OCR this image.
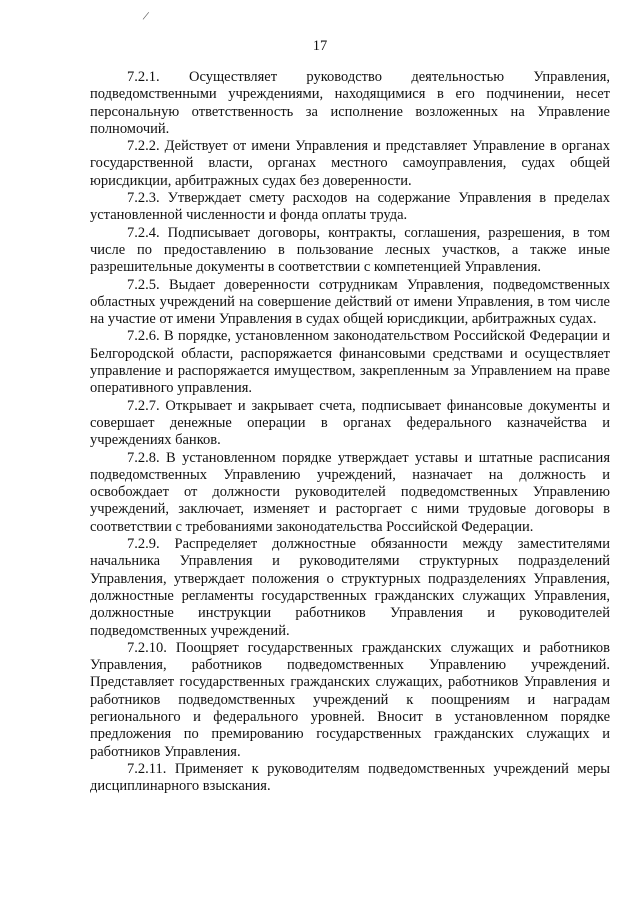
/
17

7.2.1. Осуществляет руководство деятельностью Управления, подведомственными учреждениями, находящимися в его подчинении, несет персональную ответственность за исполнение возложенных на Управление полномочий.

7.2.2. Действует от имени Управления и представляет Управление в органах государственной власти, органах местного самоуправления, судах общей юрисдикции, арбитражных судах без доверенности.

7.2.3. Утверждает смету расходов на содержание Управления в пределах установленной численности и фонда оплаты труда.

7.2.4. Подписывает договоры, контракты, соглашения, разрешения, в том числе по предоставлению в пользование лесных участков, а также иные разрешительные документы в соответствии с компетенцией Управления.

7.2.5. Выдает доверенности сотрудникам Управления, подведомственных областных учреждений на совершение действий от имени Управления, в том числе на участие от имени Управления в судах общей юрисдикции, арбитражных судах.

7.2.6. В порядке, установленном законодательством Российской Федерации и Белгородской области, распоряжается финансовыми средствами и осуществляет управление и распоряжается имуществом, закрепленным за Управлением на праве оперативного управления.

7.2.7. Открывает и закрывает счета, подписывает финансовые документы и совершает денежные операции в органах федерального казначейства и учреждениях банков.

7.2.8. В установленном порядке утверждает уставы и штатные расписания подведомственных Управлению учреждений, назначает на должность и освобождает от должности руководителей подведомственных Управлению учреждений, заключает, изменяет и расторгает с ними трудовые договоры в соответствии с требованиями законодательства Российской Федерации.

7.2.9. Распределяет должностные обязанности между заместителями начальника Управления и руководителями структурных подразделений Управления, утверждает положения о структурных подразделениях Управления, должностные регламенты государственных гражданских служащих Управления, должностные инструкции работников Управления и руководителей подведомственных учреждений.

7.2.10. Поощряет государственных гражданских служащих и работников Управления, работников подведомственных Управлению учреждений. Представляет государственных гражданских служащих, работников Управления и работников подведомственных учреждений к поощрениям и наградам регионального и федерального уровней. Вносит в установленном порядке предложения по премированию государственных гражданских служащих и работников Управления.

7.2.11. Применяет к руководителям подведомственных учреждений меры дисциплинарного взыскания.
